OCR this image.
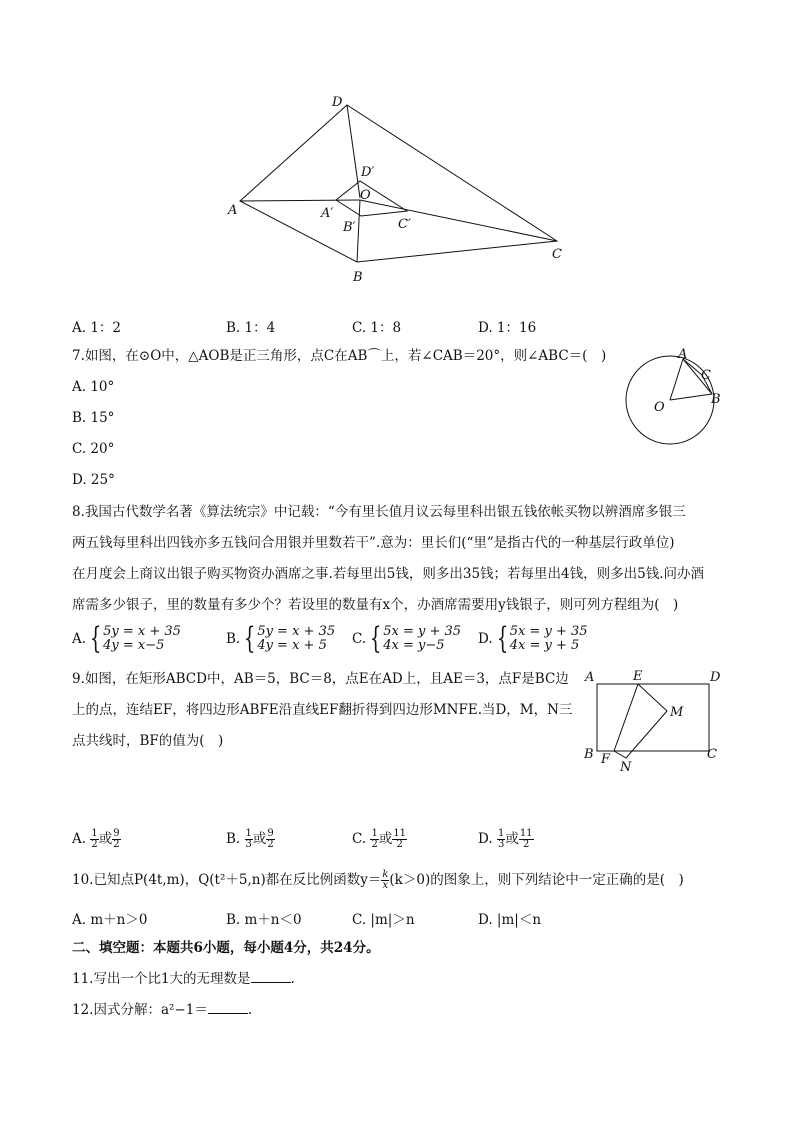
D
D′
O
A	A′
B′	C′
B
C
A. 1：2	B. 1：4	C. 1：8	D. 1：16
7.如图，在⊙O中，△AOB是正三角形，点C在AB⌒上，若∠CAB＝20°，则∠ABC＝(　)
A. 10°
B. 15°
C. 20°
D. 25°
A
C
O
B
8.我国古代数学名著《算法统宗》中记载：“今有里长值月议云每里科出银五钱依帐买物以辨酒席多银三
两五钱每里科出四钱亦多五钱问合用银并里数若干”.意为：里长们(“里”是指古代的一种基层行政单位)
在月度会上商议出银子购买物资办酒席之事.若每里出5钱，则多出35钱；若每里出4钱，则多出5钱.问办酒
席需多少银子，里的数量有多少个？若设里的数量有x个，办酒席需要用y钱银子，则可列方程组为(　)
A. { 5y = x + 35
4y = x−5	B. { 5y = x + 35
4y = x + 5	C. { 5x = y + 35
4x = y−5	D. { 5x = y + 35
4x = y + 5
9.如图，在矩形ABCD中，AB＝5，BC＝8，点E在AD上，且AE＝3，点F是BC边
上的点，连结EF，将四边形ABFE沿直线EF翻折得到四边形MNFE.当D，M，N三
点共线时，BF的值为(　)
A	E	D
M
B F
N
C
A. $\frac{1}{2}$ 或 $\frac{9}{2}$	B. $\frac{1}{3}$ 或 $\frac{9}{2}$	C. $\frac{1}{2}$ 或 $\frac{11}{2}$	D. $\frac{1}{3}$ 或 $\frac{11}{2}$
10.已知点P(4t,m)，Q(t²＋5,n)都在反比例函数$y= \frac{k}{x} (k>0)$的图象上，则下列结论中一定正确的是(　)
A. m＋n＞0	B. m＋n＜0	C. |m|＞n	D. |m|＜n
二、填空题：本题共6小题，每小题4分，共24分。
11.写出一个比1大的无理数是	.
12.因式分解：a²−1＝	.
